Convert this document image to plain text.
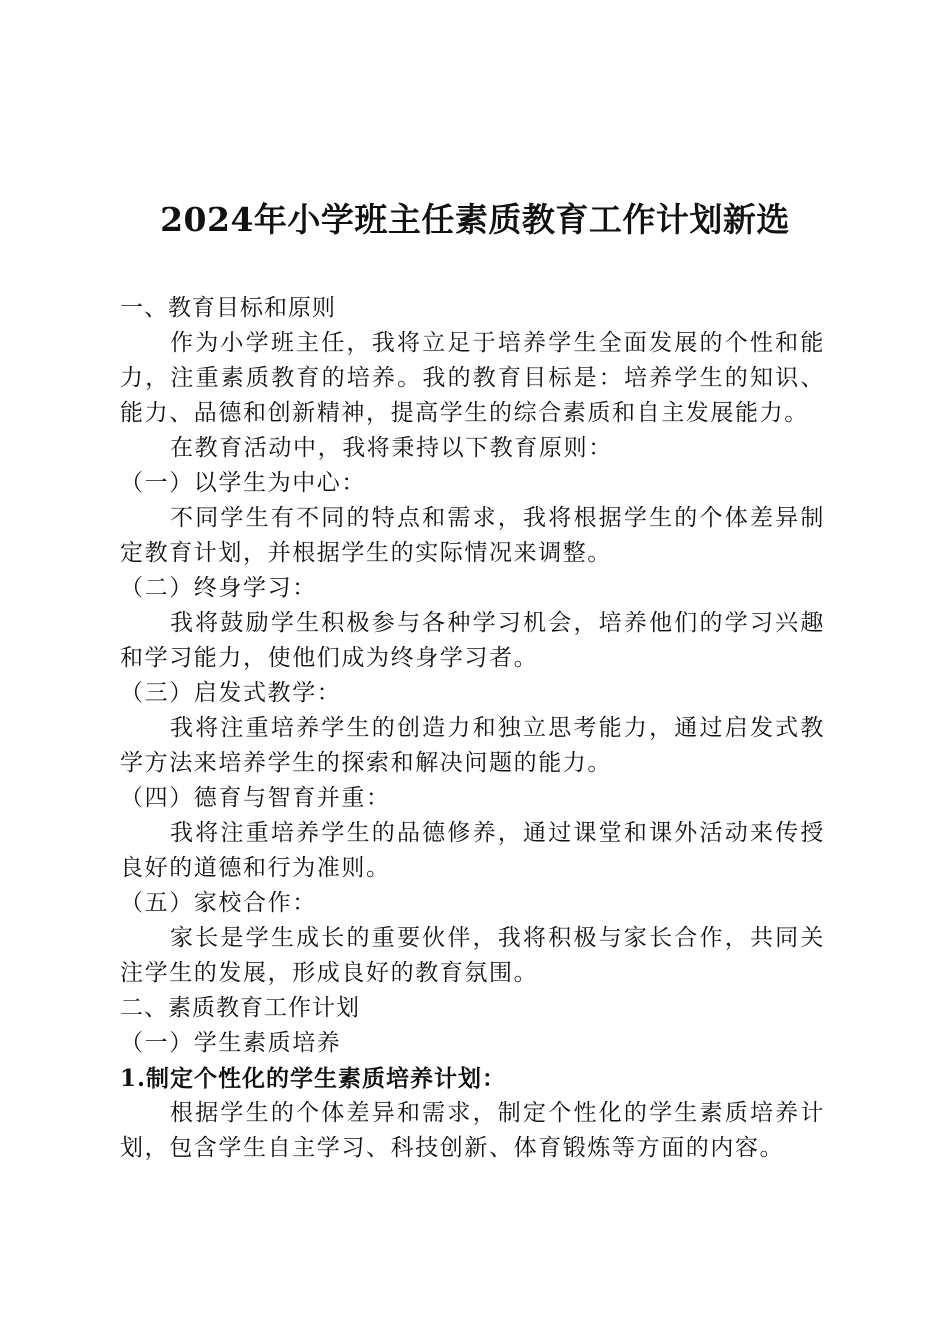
2024年小学班主任素质教育工作计划新选

一、教育目标和原则

作为小学班主任，我将立足于培养学生全面发展的个性和能力，注重素质教育的培养。我的教育目标是：培养学生的知识、能力、品德和创新精神，提高学生的综合素质和自主发展能力。

在教育活动中，我将秉持以下教育原则：

（一）以学生为中心：

不同学生有不同的特点和需求，我将根据学生的个体差异制定教育计划，并根据学生的实际情况来调整。

（二）终身学习：

我将鼓励学生积极参与各种学习机会，培养他们的学习兴趣和学习能力，使他们成为终身学习者。

（三）启发式教学：

我将注重培养学生的创造力和独立思考能力，通过启发式教学方法来培养学生的探索和解决问题的能力。

（四）德育与智育并重：

我将注重培养学生的品德修养，通过课堂和课外活动来传授良好的道德和行为准则。

（五）家校合作：

家长是学生成长的重要伙伴，我将积极与家长合作，共同关注学生的发展，形成良好的教育氛围。

二、素质教育工作计划

（一）学生素质培养

1.制定个性化的学生素质培养计划：

根据学生的个体差异和需求，制定个性化的学生素质培养计划，包含学生自主学习、科技创新、体育锻炼等方面的内容。
